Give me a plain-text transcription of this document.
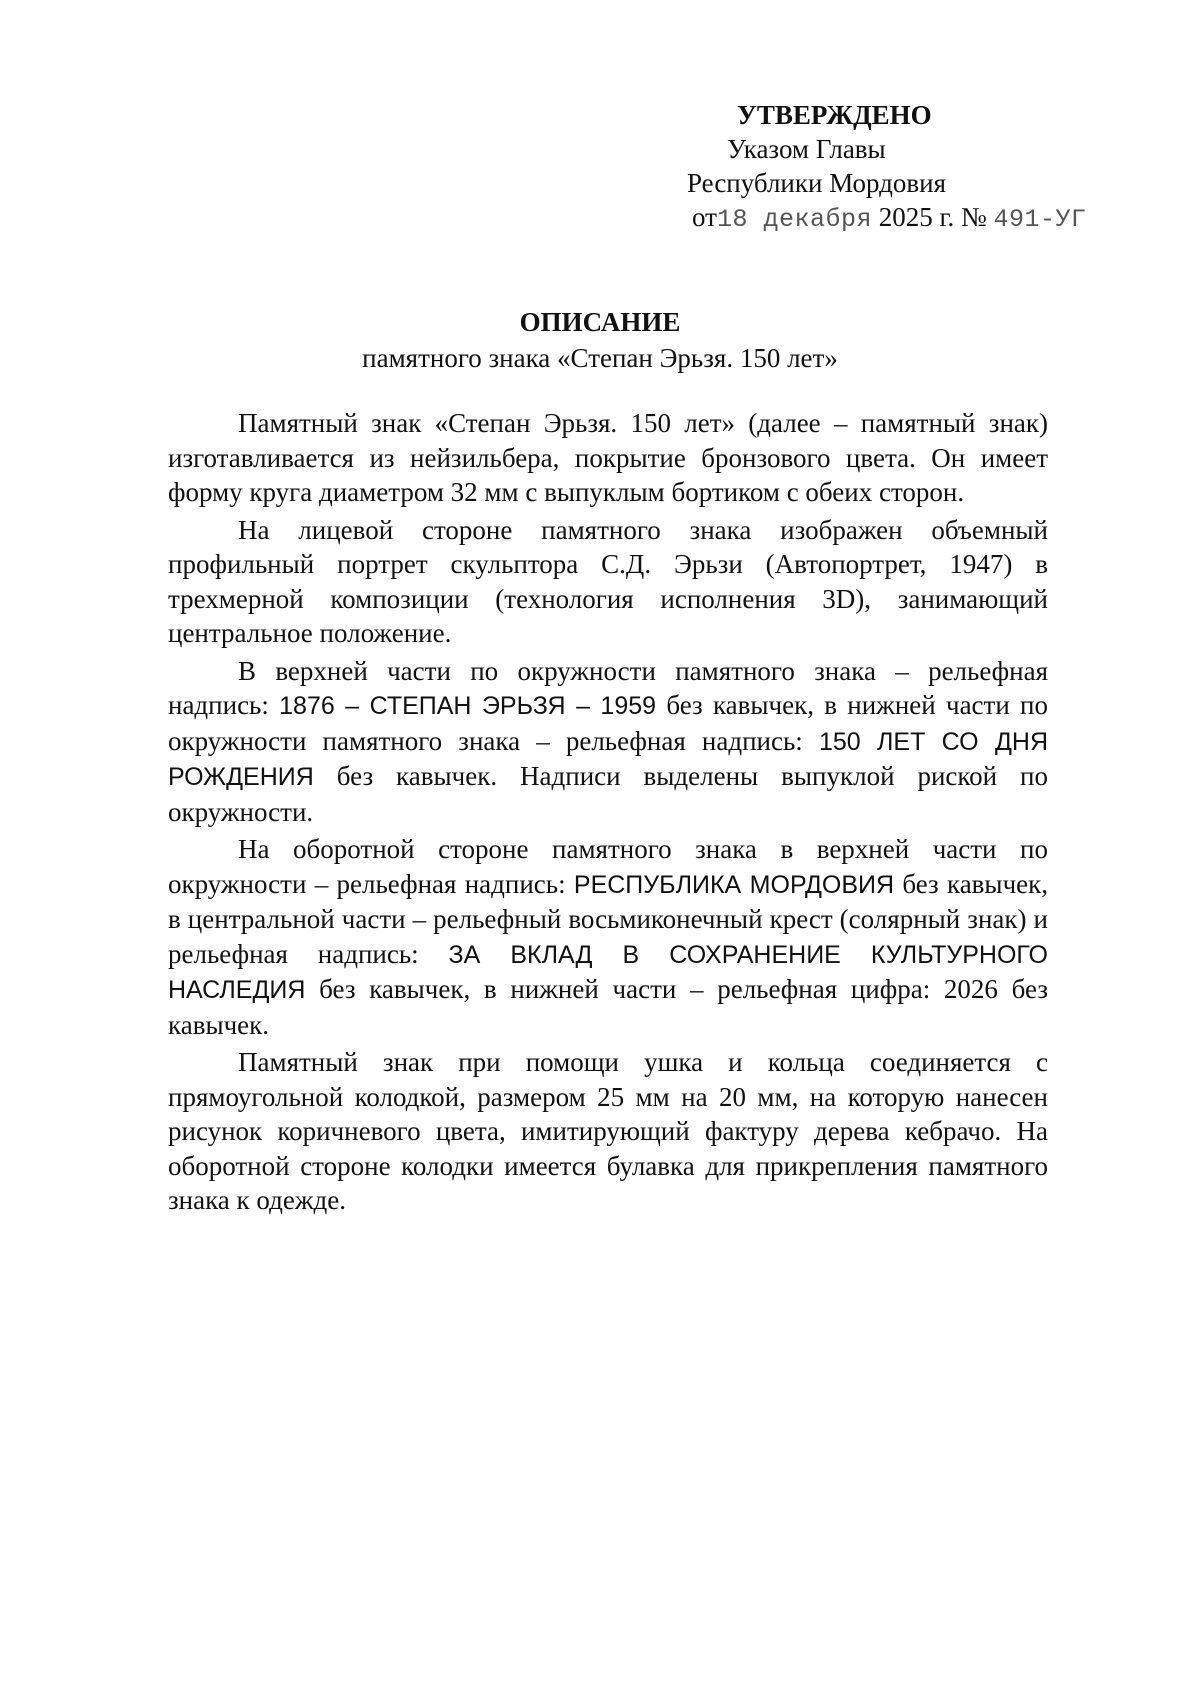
УТВЕРЖДЕНО
Указом Главы
Республики Мордовия
от18 декабря 2025 г. № 491-УГ
ОПИСАНИЕ
памятного знака «Степан Эрьзя. 150 лет»

Памятный знак «Степан Эрьзя. 150 лет» (далее – памятный знак) изготавливается из нейзильбера, покрытие бронзового цвета. Он имеет форму круга диаметром 32 мм с выпуклым бортиком с обеих сторон.

На лицевой стороне памятного знака изображен объемный профильный портрет скульптора С.Д. Эрьзи (Автопортрет, 1947) в трехмерной композиции (технология исполнения 3D), занимающий центральное положение.

В верхней части по окружности памятного знака – рельефная надпись: 1876 – СТЕПАН ЭРЬЗЯ – 1959 без кавычек, в нижней части по окружности памятного знака – рельефная надпись: 150 ЛЕТ СО ДНЯ РОЖДЕНИЯ без кавычек. Надписи выделены выпуклой риской по окружности.

На оборотной стороне памятного знака в верхней части по окружности – рельефная надпись: РЕСПУБЛИКА МОРДОВИЯ без кавычек, в центральной части – рельефный восьмиконечный крест (солярный знак) и рельефная надпись: ЗА ВКЛАД В СОХРАНЕНИЕ КУЛЬТУРНОГО НАСЛЕДИЯ без кавычек, в нижней части – рельефная цифра: 2026 без кавычек.

Памятный знак при помощи ушка и кольца соединяется с прямоугольной колодкой, размером 25 мм на 20 мм, на которую нанесен рисунок коричневого цвета, имитирующий фактуру дерева кебрачо. На оборотной стороне колодки имеется булавка для прикрепления памятного знака к одежде.
